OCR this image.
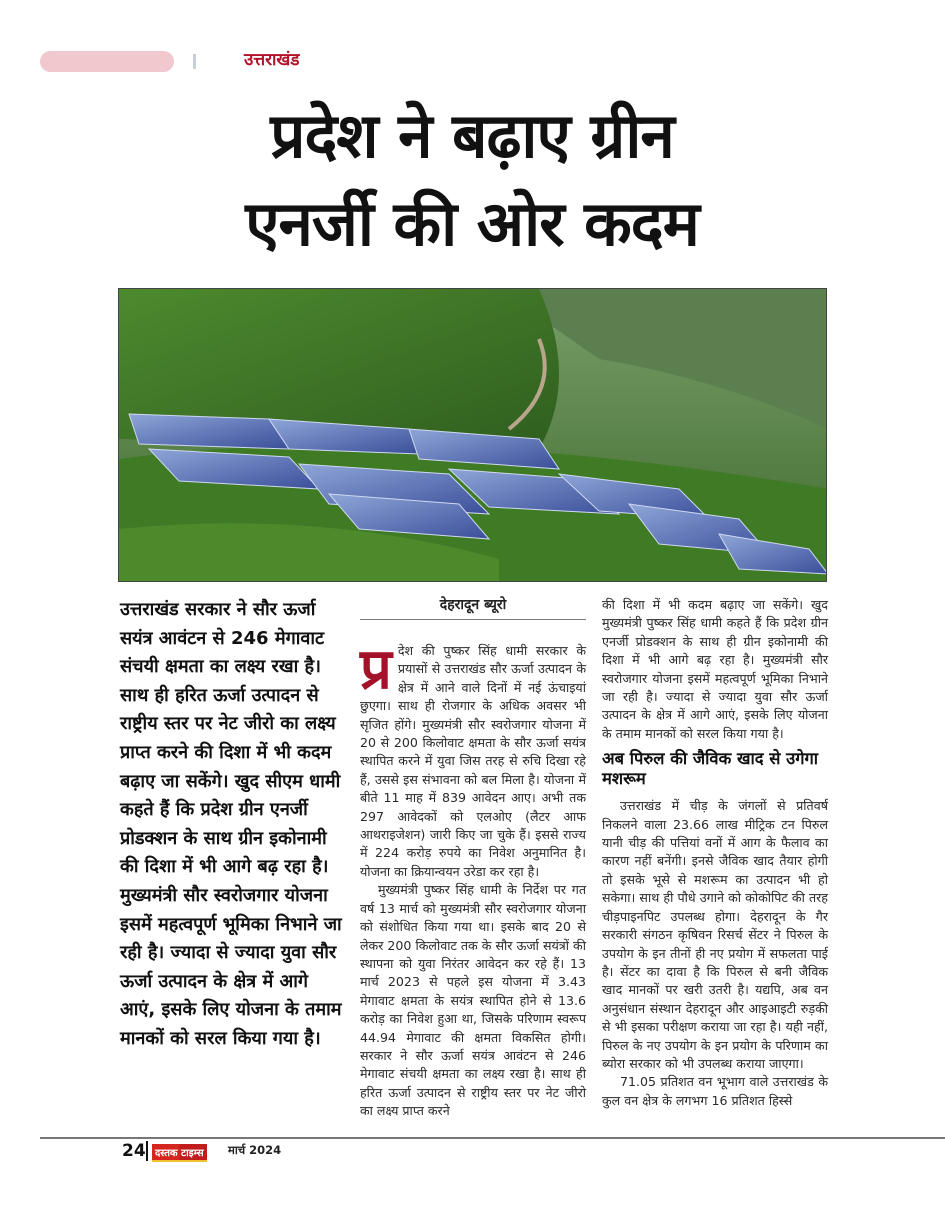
उत्तराखंड
प्रदेश ने बढ़ाए ग्रीन
एनर्जी की ओर कदम
उत्तराखंड सरकार ने सौर ऊर्जा सयंत्र आवंटन से 246 मेगावाट संचयी क्षमता का लक्ष्य रखा है। साथ ही हरित ऊर्जा उत्पादन से राष्ट्रीय स्तर पर नेट जीरो का लक्ष्य प्राप्त करने की दिशा में भी कदम बढ़ाए जा सकेंगे। खुद सीएम धामी कहते हैं कि प्रदेश ग्रीन एनर्जी प्रोडक्शन के साथ ग्रीन इकोनामी की दिशा में भी आगे बढ़ रहा है। मुख्यमंत्री सौर स्वरोजगार योजना इसमें महत्वपूर्ण भूमिका निभाने जा रही है। ज्यादा से ज्यादा युवा सौर ऊर्जा उत्पादन के क्षेत्र में आगे आएं, इसके लिए योजना के तमाम मानकों को सरल किया गया है।
देहरादून ब्यूरो
प्र देश की पुष्कर सिंह धामी सरकार के प्रयासों से उत्तराखंड सौर ऊर्जा उत्पादन के क्षेत्र में आने वाले दिनों में नई ऊंचाइयां छुएगा। साथ ही रोजगार के अधिक अवसर भी सृजित होंगे। मुख्यमंत्री सौर स्वरोजगार योजना में 20 से 200 किलोवाट क्षमता के सौर ऊर्जा सयंत्र स्थापित करने में युवा जिस तरह से रुचि दिखा रहे हैं, उससे इस संभावना को बल मिला है। योजना में बीते 11 माह में 839 आवेदन आए। अभी तक 297 आवेदकों को एलओए (लैटर आफ आथराइजेशन) जारी किए जा चुके हैं। इससे राज्य में 224 करोड़ रुपये का निवेश अनुमानित है। योजना का क्रियान्वयन उरेडा कर रहा है।

मुख्यमंत्री पुष्कर सिंह धामी के निर्देश पर गत वर्ष 13 मार्च को मुख्यमंत्री सौर स्वरोजगार योजना को संशोधित किया गया था। इसके बाद 20 से लेकर 200 किलोवाट तक के सौर ऊर्जा सयंत्रों की स्थापना को युवा निरंतर आवेदन कर रहे हैं। 13 मार्च 2023 से पहले इस योजना में 3.43 मेगावाट क्षमता के सयंत्र स्थापित होने से 13.6 करोड़ का निवेश हुआ था, जिसके परिणाम स्वरूप 44.94 मेगावाट की क्षमता विकसित होगी। सरकार ने सौर ऊर्जा सयंत्र आवंटन से 246 मेगावाट संचयी क्षमता का लक्ष्य रखा है। साथ ही हरित ऊर्जा उत्पादन से राष्ट्रीय स्तर पर नेट जीरो का लक्ष्य प्राप्त करने

की दिशा में भी कदम बढ़ाए जा सकेंगे। खुद मुख्यमंत्री पुष्कर सिंह धामी कहते हैं कि प्रदेश ग्रीन एनर्जी प्रोडक्शन के साथ ही ग्रीन इकोनामी की दिशा में भी आगे बढ़ रहा है। मुख्यमंत्री सौर स्वरोजगार योजना इसमें महत्वपूर्ण भूमिका निभाने जा रही है। ज्यादा से ज्यादा युवा सौर ऊर्जा उत्पादन के क्षेत्र में आगे आएं, इसके लिए योजना के तमाम मानकों को सरल किया गया है।

अब पिरुल की जैविक खाद से उगेगा मशरूम

उत्तराखंड में चीड़ के जंगलों से प्रतिवर्ष निकलने वाला 23.66 लाख मीट्रिक टन पिरुल यानी चीड़ की पत्तियां वनों में आग के फैलाव का कारण नहीं बनेंगी। इनसे जैविक खाद तैयार होगी तो इसके भूसे से मशरूम का उत्पादन भी हो सकेगा। साथ ही पौधे उगाने को कोकोपिट की तरह चीड़पाइनपिट उपलब्ध होगा। देहरादून के गैर सरकारी संगठन कृषिवन रिसर्च सेंटर ने पिरुल के उपयोग के इन तीनों ही नए प्रयोग में सफलता पाई है। सेंटर का दावा है कि पिरुल से बनी जैविक खाद मानकों पर खरी उतरी है। यद्यपि, अब वन अनुसंधान संस्थान देहरादून और आइआइटी रुड़की से भी इसका परीक्षण कराया जा रहा है। यही नहीं, पिरुल के नए उपयोग के इन प्रयोग के परिणाम का ब्योरा सरकार को भी उपलब्ध कराया जाएगा।

71.05 प्रतिशत वन भूभाग वाले उत्तराखंड के कुल वन क्षेत्र के लगभग 16 प्रतिशत हिस्से

24 दस्तक टाइम्स मार्च 2024
